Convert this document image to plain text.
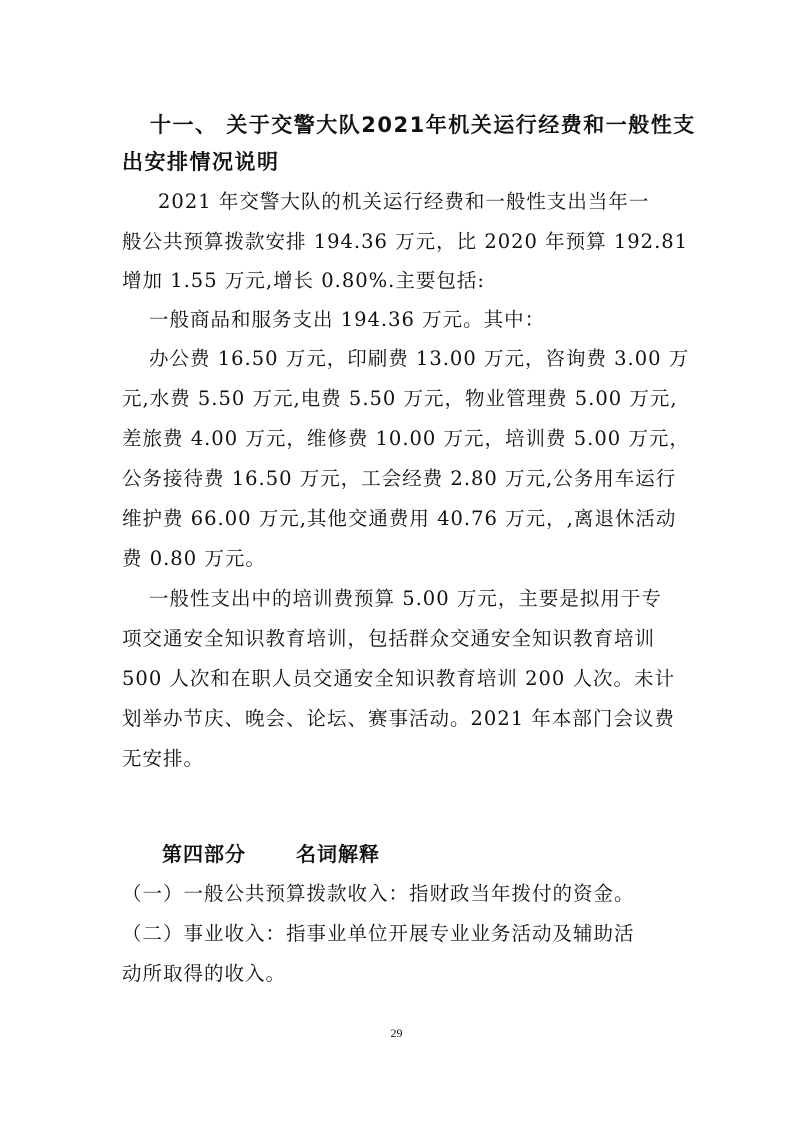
十一、 关于交警大队2021年机关运行经费和一般性支
出安排情况说明
2021 年交警大队的机关运行经费和一般性支出当年一
般公共预算拨款安排 194.36 万元，比 2020 年预算 192.81
增加 1.55 万元,增长 0.80%.主要包括:
一般商品和服务支出 194.36 万元。其中：
办公费 16.50 万元，印刷费 13.00 万元，咨询费 3.00 万
元,水费 5.50 万元,电费 5.50 万元，物业管理费 5.00 万元,
差旅费 4.00 万元，维修费 10.00 万元，培训费 5.00 万元，
公务接待费 16.50 万元，工会经费 2.80 万元,公务用车运行
维护费 66.00 万元,其他交通费用 40.76 万元，,离退休活动
费 0.80 万元。
一般性支出中的培训费预算 5.00 万元，主要是拟用于专
项交通安全知识教育培训，包括群众交通安全知识教育培训
500 人次和在职人员交通安全知识教育培训 200 人次。未计
划举办节庆、晚会、论坛、赛事活动。2021 年本部门会议费
无安排。
第四部分	名词解释
（一）一般公共预算拨款收入：指财政当年拨付的资金。
（二）事业收入：指事业单位开展专业业务活动及辅助活
动所取得的收入。
29
